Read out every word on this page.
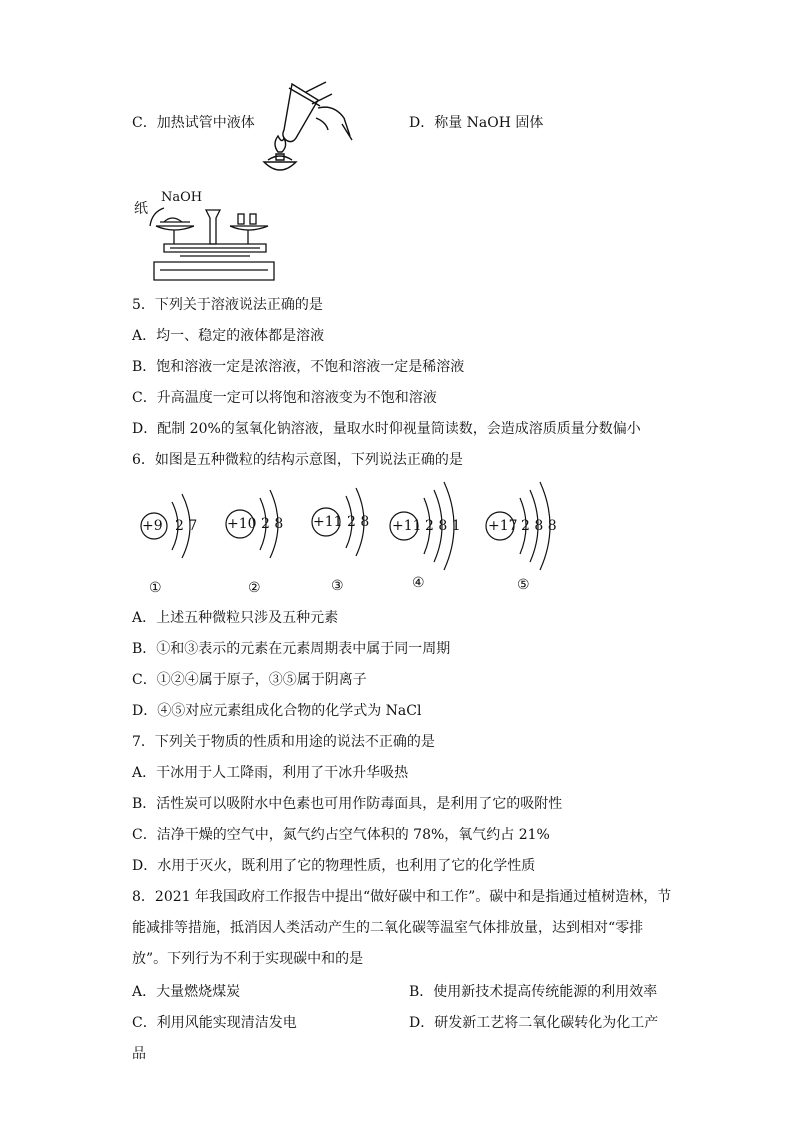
C．加热试管中液体	D．称量 NaOH 固体
NaOH
纸
5．下列关于溶液说法正确的是
A．均一、稳定的液体都是溶液
B．饱和溶液一定是浓溶液，不饱和溶液一定是稀溶液
C．升高温度一定可以将饱和溶液变为不饱和溶液
D．配制 20%的氢氧化钠溶液，量取水时仰视量筒读数，会造成溶质质量分数偏小
6．如图是五种微粒的结构示意图，下列说法正确的是
+9 2 7
①
+10 2 8
②
+11 2 8
③
+11 2 8 1
④
+17 2 8 8
⑤
A．上述五种微粒只涉及五种元素
B．①和③表示的元素在元素周期表中属于同一周期
C．①②④属于原子，③⑤属于阴离子
D．④⑤对应元素组成化合物的化学式为 NaCl
7．下列关于物质的性质和用途的说法不正确的是
A．干冰用于人工降雨，利用了干冰升华吸热
B．活性炭可以吸附水中色素也可用作防毒面具，是利用了它的吸附性
C．洁净干燥的空气中，氮气约占空气体积的 78%，氧气约占 21%
D．水用于灭火，既利用了它的物理性质，也利用了它的化学性质
8．2021 年我国政府工作报告中提出“做好碳中和工作”。碳中和是指通过植树造林，节
能减排等措施，抵消因人类活动产生的二氧化碳等温室气体排放量，达到相对“零排
放”。下列行为不利于实现碳中和的是
A．大量燃烧煤炭	B．使用新技术提高传统能源的利用效率
C．利用风能实现清洁发电	D．研发新工艺将二氧化碳转化为化工产
品
